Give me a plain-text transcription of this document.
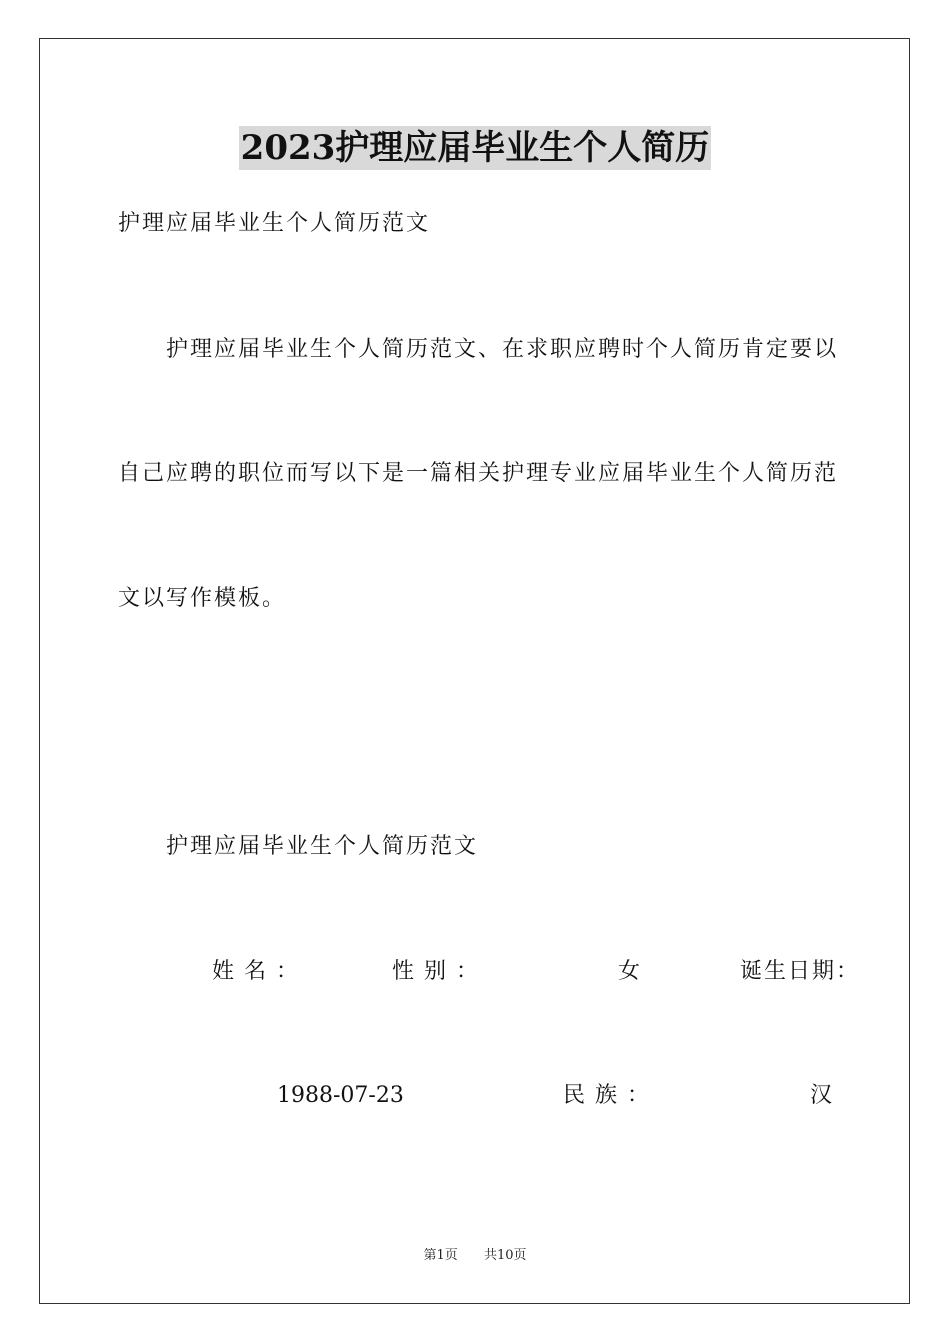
2023护理应届毕业生个人简历
护理应届毕业生个人简历范文
护理应届毕业生个人简历范文、在求职应聘时个人简历肯定要以
自己应聘的职位而写以下是一篇相关护理专业应届毕业生个人简历范
文以写作模板。
护理应届毕业生个人简历范文
姓名：	性别：	女	诞生日期：
1988-07-23	民族：	汉
第1页 共10页
